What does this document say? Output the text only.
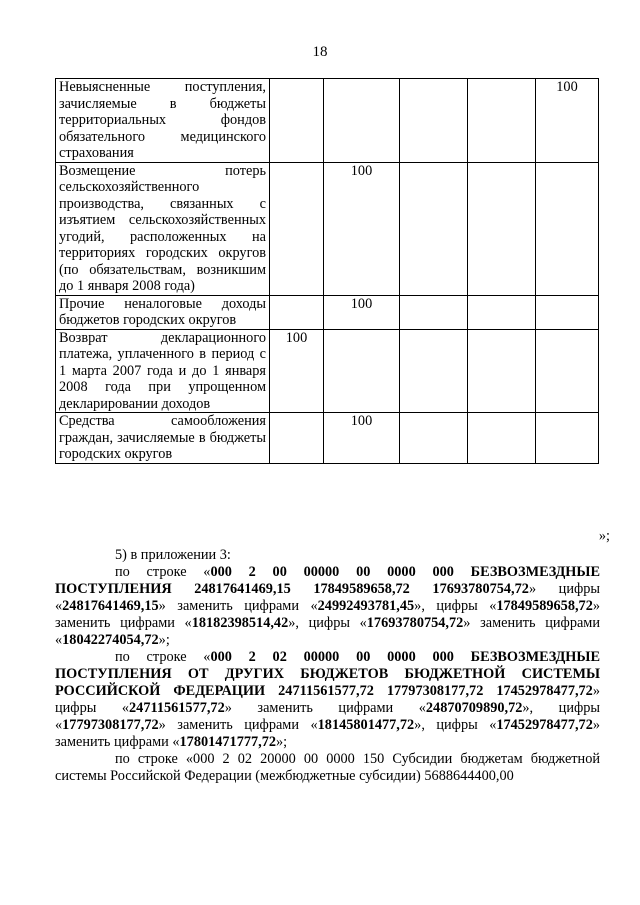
18
Невыясненные поступления, зачисляемые в бюджеты территориальных фондов обязательного медицинского страхования					100
Возмещение потерь сельскохозяйственного производства, связанных с изъятием сельскохозяйственных угодий, расположенных на территориях городских округов (по обязательствам, возникшим до 1 января 2008 года)		100			
Прочие неналоговые доходы бюджетов городских округов		100			
Возврат декларационного платежа, уплаченного в период с 1 марта 2007 года и до 1 января 2008 года при упрощенном декларировании доходов	100				
Средства самообложения граждан, зачисляемые в бюджеты городских округов		100			
»;

5) в приложении 3:

по строке «000 2 00 00000 00 0000 000 БЕЗВОЗМЕЗДНЫЕ ПОСТУПЛЕНИЯ 24817641469,15 17849589658,72 17693780754,72» цифры «24817641469,15» заменить цифрами «24992493781,45», цифры «17849589658,72» заменить цифрами «18182398514,42», цифры «17693780754,72» заменить цифрами «18042274054,72»;

по строке «000 2 02 00000 00 0000 000 БЕЗВОЗМЕЗДНЫЕ ПОСТУПЛЕНИЯ ОТ ДРУГИХ БЮДЖЕТОВ БЮДЖЕТНОЙ СИСТЕМЫ РОССИЙСКОЙ ФЕДЕРАЦИИ 24711561577,72 17797308177,72 17452978477,72» цифры «24711561577,72» заменить цифрами «24870709890,72», цифры «17797308177,72» заменить цифрами «18145801477,72», цифры «17452978477,72» заменить цифрами «17801471777,72»;

по строке «000 2 02 20000 00 0000 150 Субсидии бюджетам бюджетной системы Российской Федерации (межбюджетные субсидии) 5688644400,00
